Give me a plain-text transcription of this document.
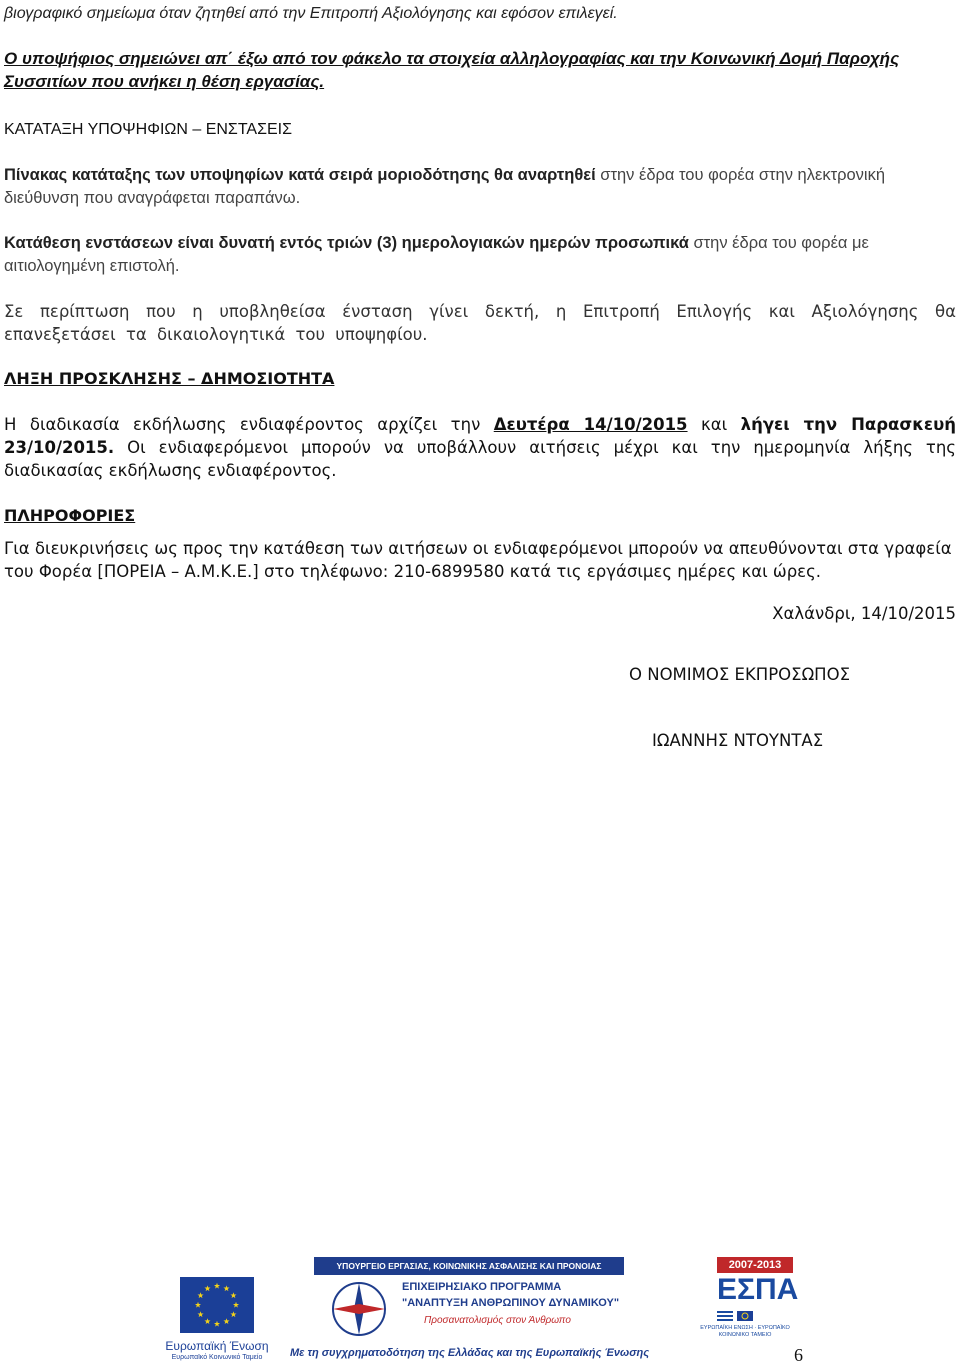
βιογραφικό σημείωμα όταν ζητηθεί από την Επιτροπή Αξιολόγησης και εφόσον επιλεγεί.
Ο υποψήφιος σημειώνει απ΄ έξω από τον φάκελο τα στοιχεία αλληλογραφίας και την Κοινωνική Δομή Παροχής Συσσιτίων που ανήκει η θέση εργασίας.
ΚΑΤΑΤΑΞΗ ΥΠΟΨΗΦΙΩΝ – ΕΝΣΤΑΣΕΙΣ
Πίνακας κατάταξης των υποψηφίων κατά σειρά μοριοδότησης θα αναρτηθεί στην έδρα του φορέα στην ηλεκτρονική διεύθυνση που αναγράφεται παραπάνω.
Κατάθεση ενστάσεων είναι δυνατή εντός τριών (3) ημερολογιακών ημερών προσωπικά στην έδρα του φορέα με αιτιολογημένη επιστολή.
Σε περίπτωση που η υποβληθείσα ένσταση γίνει δεκτή, η Επιτροπή Επιλογής και Αξιολόγησης θα επανεξετάσει τα δικαιολογητικά του υποψηφίου.
ΛΗΞΗ ΠΡΟΣΚΛΗΣΗΣ – ΔΗΜΟΣΙΟΤΗΤΑ
Η διαδικασία εκδήλωσης ενδιαφέροντος αρχίζει την Δευτέρα 14/10/2015 και λήγει την Παρασκευή 23/10/2015. Οι ενδιαφερόμενοι μπορούν να υποβάλλουν αιτήσεις μέχρι και την ημερομηνία λήξης της διαδικασίας εκδήλωσης ενδιαφέροντος.
ΠΛΗΡΟΦΟΡΙΕΣ
Για διευκρινήσεις ως προς την κατάθεση των αιτήσεων οι ενδιαφερόμενοι μπορούν να απευθύνονται στα γραφεία του Φορέα [ΠΟΡΕΙΑ – Α.Μ.Κ.Ε.] στο τηλέφωνο: 210-6899580 κατά τις εργάσιμες ημέρες και ώρες.
Χαλάνδρι, 14/10/2015
Ο ΝΟΜΙΜΟΣ ΕΚΠΡΟΣΩΠΟΣ
ΙΩΑΝΝΗΣ ΝΤΟΥΝΤΑΣ
Ευρωπαϊκή Ένωση
Ευρωπαϊκό Κοινωνικό Ταμείο
ΥΠΟΥΡΓΕΙΟ ΕΡΓΑΣΙΑΣ, ΚΟΙΝΩΝΙΚΗΣ ΑΣΦΑΛΙΣΗΣ ΚΑΙ ΠΡΟΝΟΙΑΣ
ΕΠΙΧΕΙΡΗΣΙΑΚΟ ΠΡΟΓΡΑΜΜΑ
"ΑΝΑΠΤΥΞΗ ΑΝΘΡΩΠΙΝΟΥ ΔΥΝΑΜΙΚΟΥ"
Προσανατολισμός στον Άνθρωπο
Με τη συγχρηματοδότηση της Ελλάδας και της Ευρωπαϊκής Ένωσης
2007-2013
ΕΣΠΑ
ΕΥΡΩΠΑΪΚΗ ΕΝΩΣΗ · ΕΥΡΩΠΑΪΚΟ ΚΟΙΝΩΝΙΚΟ ΤΑΜΕΙΟ
6
